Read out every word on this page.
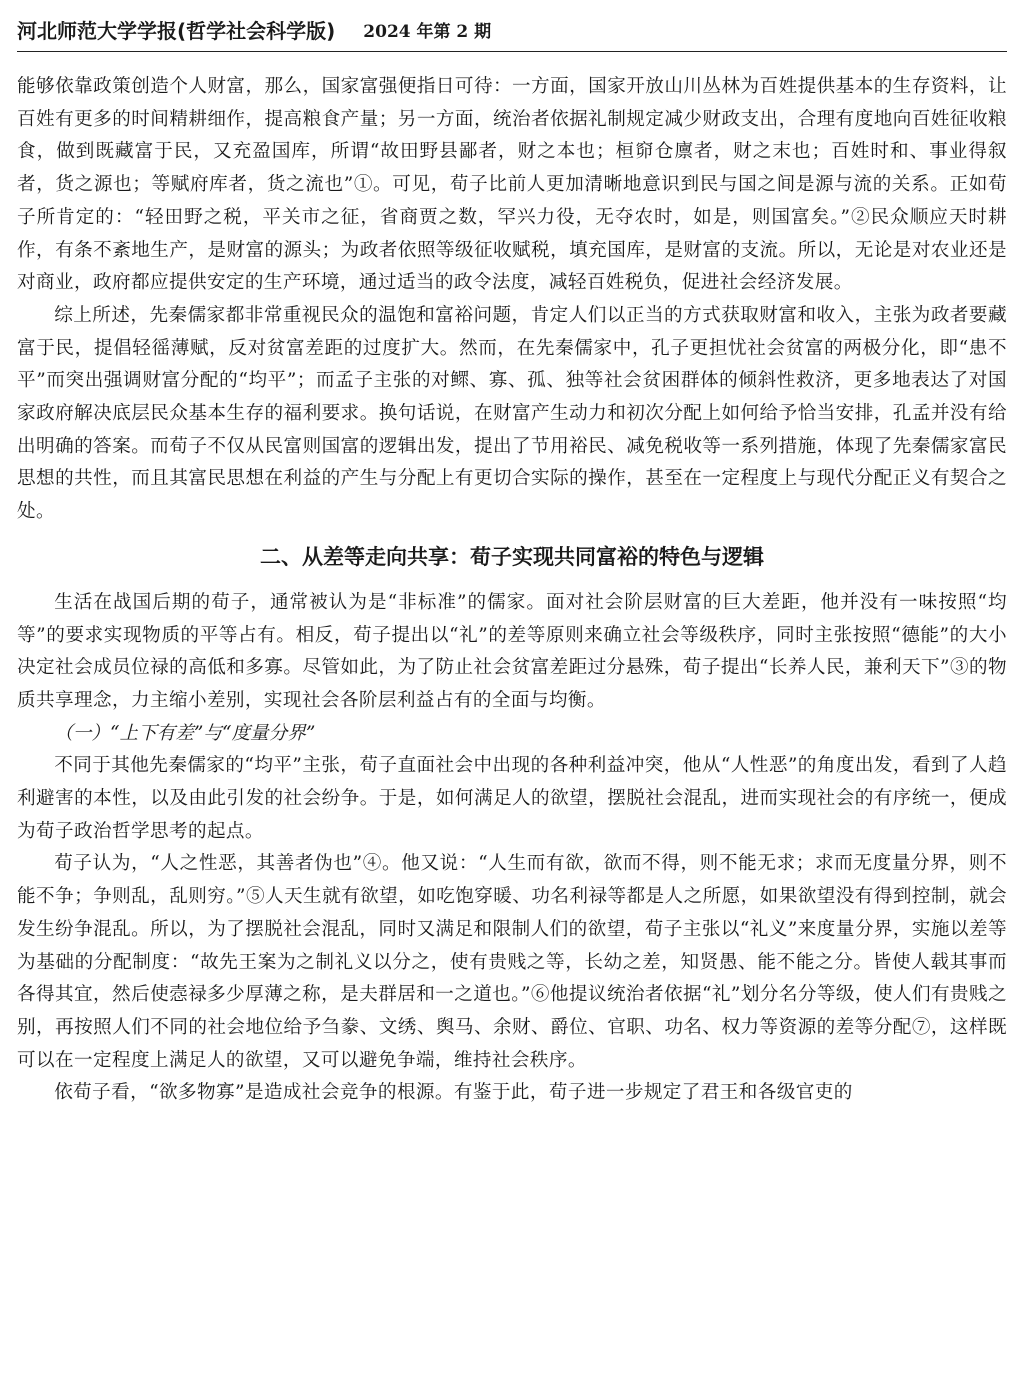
河北师范大学学报(哲学社会科学版) 2024 年第 2 期

能够依靠政策创造个人财富，那么，国家富强便指日可待：一方面，国家开放山川丛林为百姓提供基本的生存资料，让百姓有更多的时间精耕细作，提高粮食产量；另一方面，统治者依据礼制规定减少财政支出，合理有度地向百姓征收粮食，做到既藏富于民，又充盈国库，所谓“故田野县鄙者，财之本也；桓窌仓廪者，财之末也；百姓时和、事业得叙者，货之源也；等赋府库者，货之流也”①。可见，荀子比前人更加清晰地意识到民与国之间是源与流的关系。正如荀子所肯定的：“轻田野之税，平关市之征，省商贾之数，罕兴力役，无夺农时，如是，则国富矣。”②民众顺应天时耕作，有条不紊地生产，是财富的源头；为政者依照等级征收赋税，填充国库，是财富的支流。所以，无论是对农业还是对商业，政府都应提供安定的生产环境，通过适当的政令法度，减轻百姓税负，促进社会经济发展。

综上所述，先秦儒家都非常重视民众的温饱和富裕问题，肯定人们以正当的方式获取财富和收入，主张为政者要藏富于民，提倡轻徭薄赋，反对贫富差距的过度扩大。然而，在先秦儒家中，孔子更担忧社会贫富的两极分化，即“患不平”而突出强调财富分配的“均平”；而孟子主张的对鳏、寡、孤、独等社会贫困群体的倾斜性救济，更多地表达了对国家政府解决底层民众基本生存的福利要求。换句话说，在财富产生动力和初次分配上如何给予恰当安排，孔孟并没有给出明确的答案。而荀子不仅从民富则国富的逻辑出发，提出了节用裕民、减免税收等一系列措施，体现了先秦儒家富民思想的共性，而且其富民思想在利益的产生与分配上有更切合实际的操作，甚至在一定程度上与现代分配正义有契合之处。

二、从差等走向共享：荀子实现共同富裕的特色与逻辑

生活在战国后期的荀子，通常被认为是“非标准”的儒家。面对社会阶层财富的巨大差距，他并没有一味按照“均等”的要求实现物质的平等占有。相反，荀子提出以“礼”的差等原则来确立社会等级秩序，同时主张按照“德能”的大小决定社会成员位禄的高低和多寡。尽管如此，为了防止社会贫富差距过分悬殊，荀子提出“长养人民，兼利天下”③的物质共享理念，力主缩小差别，实现社会各阶层利益占有的全面与均衡。

（一）“上下有差”与“度量分界”

不同于其他先秦儒家的“均平”主张，荀子直面社会中出现的各种利益冲突，他从“人性恶”的角度出发，看到了人趋利避害的本性，以及由此引发的社会纷争。于是，如何满足人的欲望，摆脱社会混乱，进而实现社会的有序统一，便成为荀子政治哲学思考的起点。

荀子认为，“人之性恶，其善者伪也”④。他又说：“人生而有欲，欲而不得，则不能无求；求而无度量分界，则不能不争；争则乱，乱则穷。”⑤人天生就有欲望，如吃饱穿暖、功名利禄等都是人之所愿，如果欲望没有得到控制，就会发生纷争混乱。所以，为了摆脱社会混乱，同时又满足和限制人们的欲望，荀子主张以“礼义”来度量分界，实施以差等为基础的分配制度：“故先王案为之制礼义以分之，使有贵贱之等，长幼之差，知贤愚、能不能之分。皆使人载其事而各得其宜，然后使悫禄多少厚薄之称，是夫群居和一之道也。”⑥他提议统治者依据“礼”划分名分等级，使人们有贵贱之别，再按照人们不同的社会地位给予刍豢、文绣、舆马、余财、爵位、官职、功名、权力等资源的差等分配⑦，这样既可以在一定程度上满足人的欲望，又可以避免争端，维持社会秩序。

依荀子看，“欲多物寡”是造成社会竞争的根源。有鉴于此，荀子进一步规定了君王和各级官吏的
